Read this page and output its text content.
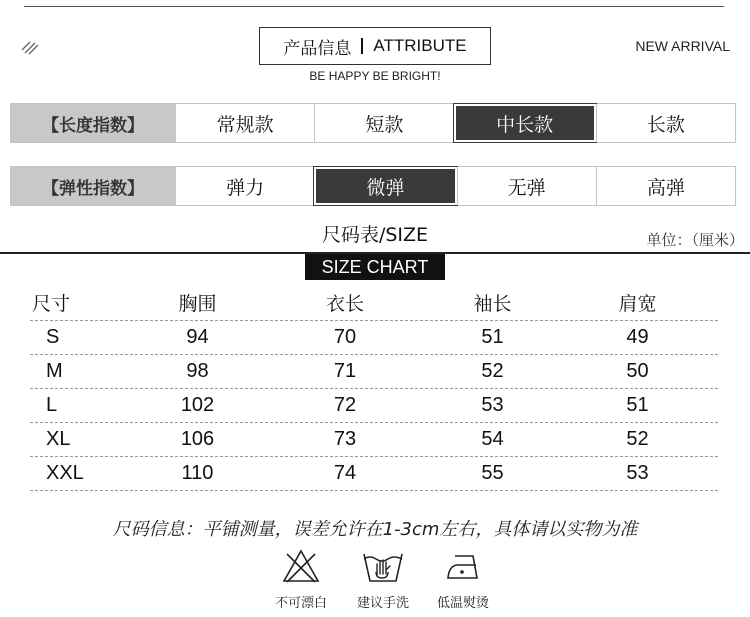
产品信息 ATTRIBUTE
BE HAPPY BE BRIGHT!
NEW ARRIVAL
【长度指数】	常规款	短款	中长款	长款
【弹性指数】	弹力	微弹	无弹	高弹
尺码表/SIZE	单位：（厘米）
SIZE CHART
尺寸	胸围	衣长	袖长	肩宽
S	94	70	51	49
M	98	71	52	50
L	102	72	53	51
XL	106	73	54	52
XXL	110	74	55	53
尺码信息：平铺测量，误差允许在1-3cm左右，具体请以实物为准
不可漂白	建议手洗	低温熨烫
